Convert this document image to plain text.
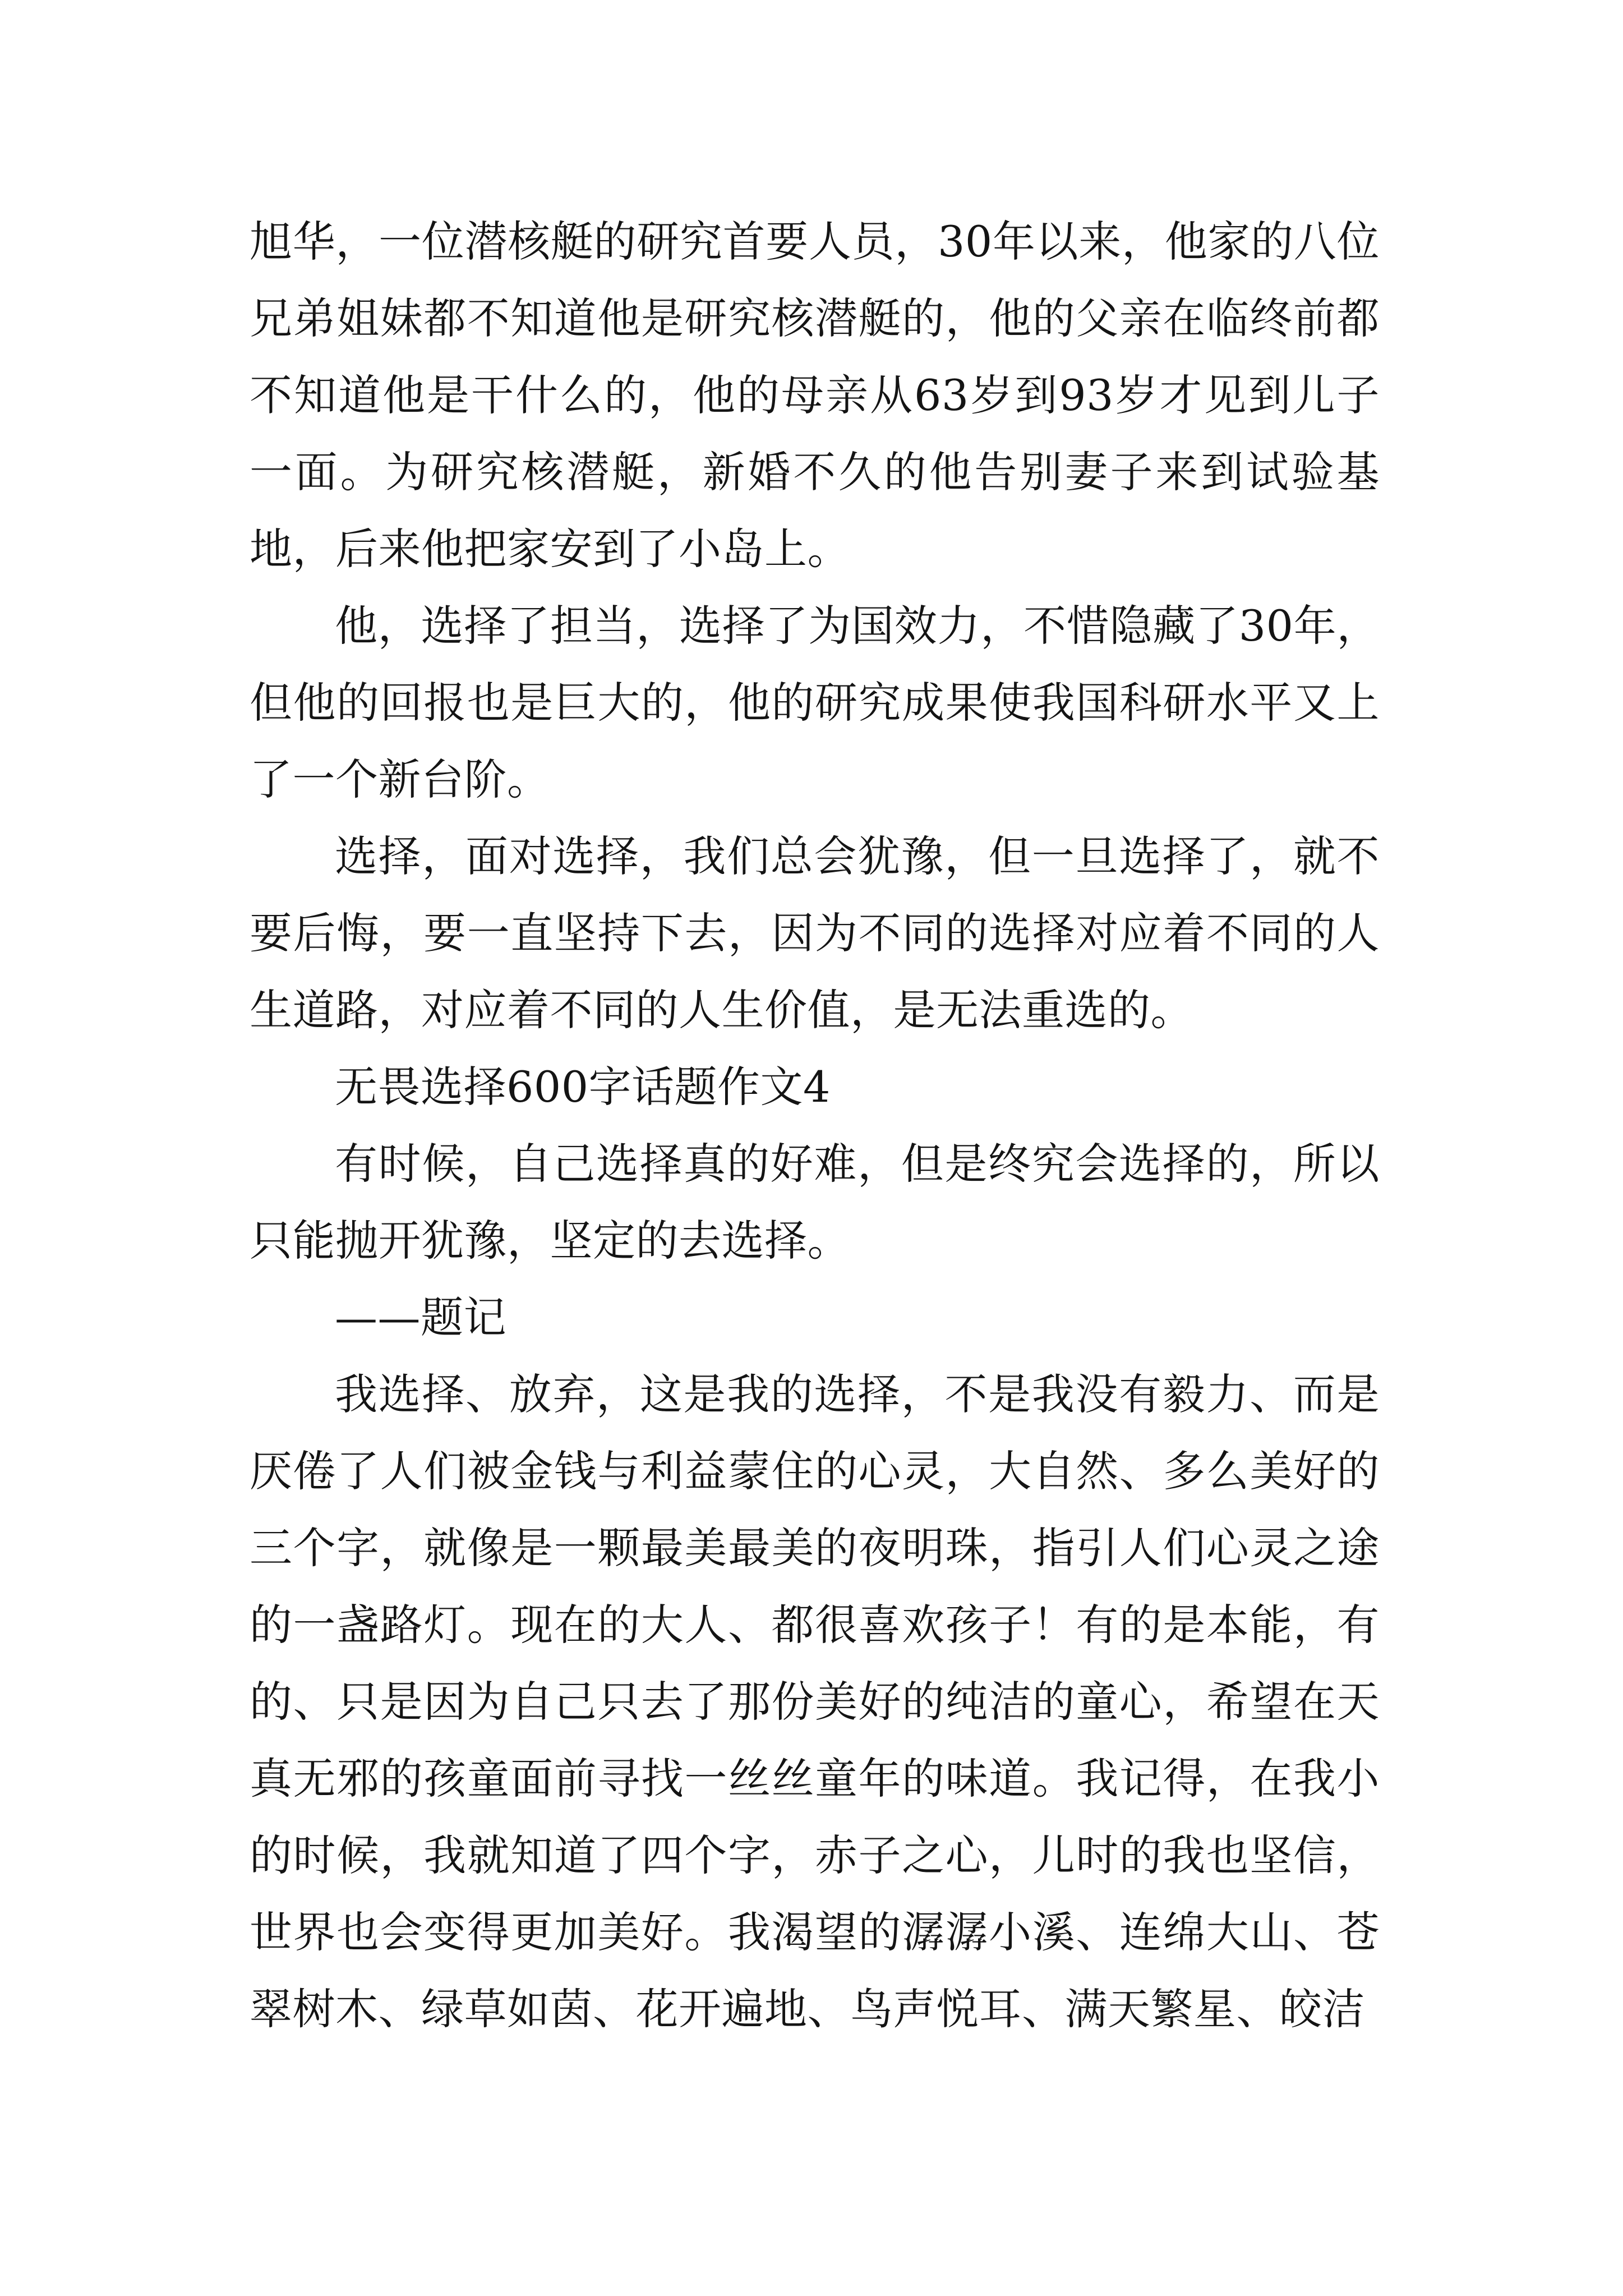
旭华，一位潜核艇的研究首要人员，30年以来，他家的八位兄弟姐妹都不知道他是研究核潜艇的，他的父亲在临终前都不知道他是干什么的，他的母亲从63岁到93岁才见到儿子一面。为研究核潜艇，新婚不久的他告别妻子来到试验基地，后来他把家安到了小岛上。

他，选择了担当，选择了为国效力，不惜隐藏了30年，但他的回报也是巨大的，他的研究成果使我国科研水平又上了一个新台阶。

选择，面对选择，我们总会犹豫，但一旦选择了，就不要后悔，要一直坚持下去，因为不同的选择对应着不同的人生道路，对应着不同的人生价值，是无法重选的。

无畏选择600字话题作文4

有时候，自己选择真的好难，但是终究会选择的，所以只能抛开犹豫，坚定的去选择。

——题记

我选择、放弃，这是我的选择，不是我没有毅力、而是厌倦了人们被金钱与利益蒙住的心灵，大自然、多么美好的三个字，就像是一颗最美最美的夜明珠，指引人们心灵之途的一盏路灯。现在的大人、都很喜欢孩子！有的是本能，有的、只是因为自己只去了那份美好的纯洁的童心，希望在天真无邪的孩童面前寻找一丝丝童年的味道。我记得，在我小的时候，我就知道了四个字，赤子之心，儿时的我也坚信，世界也会变得更加美好。我渴望的潺潺小溪、连绵大山、苍翠树木、绿草如茵、花开遍地、鸟声悦耳、满天繁星、皎洁
